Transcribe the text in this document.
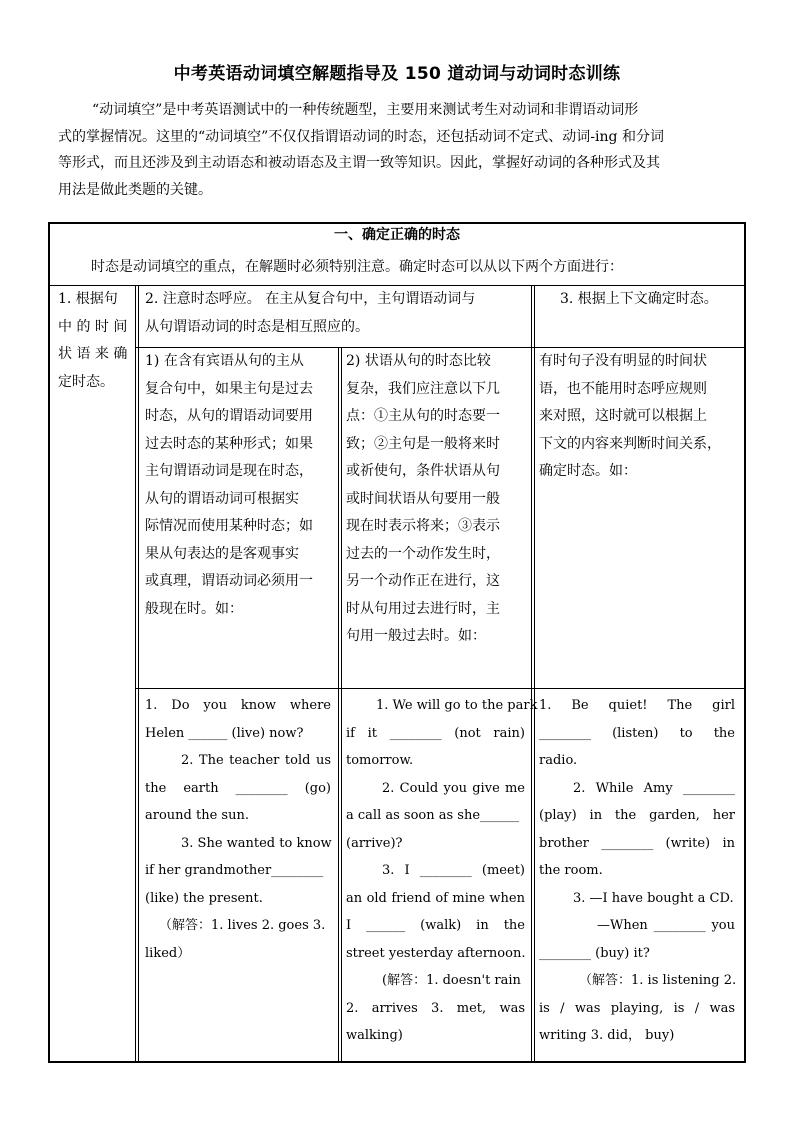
中考英语动词填空解题指导及 150 道动词与动词时态训练
“动词填空”是中考英语测试中的一种传统题型，主要用来测试考生对动词和非谓语动词形
式的掌握情况。这里的“动词填空”不仅仅指谓语动词的时态，还包括动词不定式、动词-ing 和分词
等形式，而且还涉及到主动语态和被动语态及主谓一致等知识。因此，掌握好动词的各种形式及其
用法是做此类题的关键。
一、确定正确的时态
时态是动词填空的重点，在解题时必须特别注意。确定时态可以从以下两个方面进行：
1. 根据句
中 的 时 间
状 语 来 确
定时态。
2. 注意时态呼应。 在主从复合句中，主句谓语动词与
从句谓语动词的时态是相互照应的。
3. 根据上下文确定时态。
1) 在含有宾语从句的主从
复合句中，如果主句是过去
时态，从句的谓语动词要用
过去时态的某种形式；如果
主句谓语动词是现在时态，
从句的谓语动词可根据实
际情况而使用某种时态；如
果从句表达的是客观事实
或真理，谓语动词必须用一
般现在时。如：
2) 状语从句的时态比较
复杂，我们应注意以下几
点：①主从句的时态要一
致；②主句是一般将来时
或祈使句，条件状语从句
或时间状语从句要用一般
现在时表示将来；③表示
过去的一个动作发生时，
另一个动作正在进行，这
时从句用过去进行时，主
句用一般过去时。如：
有时句子没有明显的时间状
语，也不能用时态呼应规则
来对照，这时就可以根据上
下文的内容来判断时间关系，
确定时态。如：
1. Do you know where
Helen ______ (live) now?
2. The teacher told us
the earth ________ (go)
around the sun.
3. She wanted to know
if her grandmother________
(like) the present.
（解答：1. lives 2. goes 3.
liked）
1. We will go to the park
if it ________ (not rain)
tomorrow.
2. Could you give me
a call as soon as she______
(arrive)?
3. I ________ (meet)
an old friend of mine when
I ______ (walk) in the
street yesterday afternoon.
(解答：1. doesn't rain
2. arrives 3. met, was
walking)
1. Be quiet! The girl
________ (listen) to the
radio.
2. While Amy ________
(play) in the garden, her
brother ________ (write) in
the room.
3. —I have bought a CD.
—When ________ you
________ (buy) it?
（解答：1. is listening 2.
is / was playing, is / was
writing 3. did， buy)
